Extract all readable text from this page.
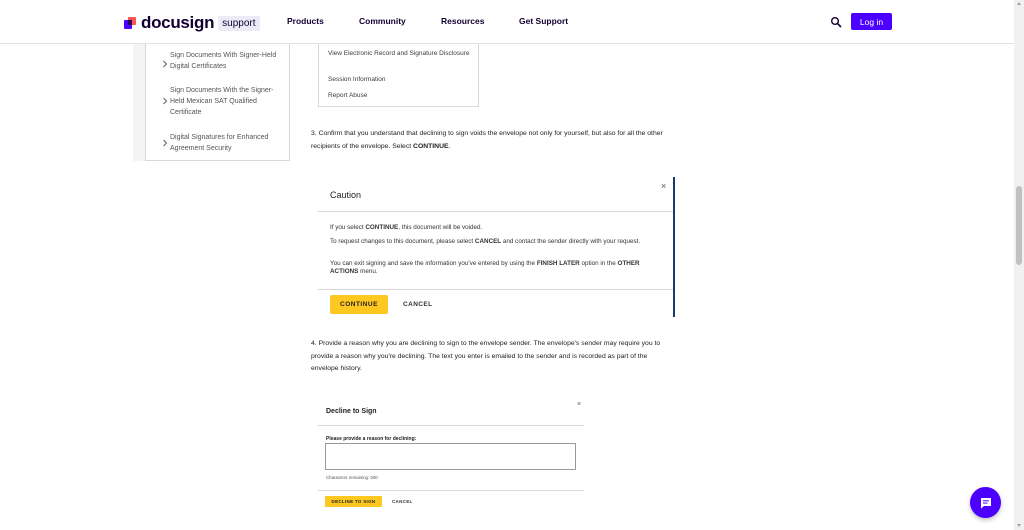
docusign support	Products	Community	Resources	Get Support	Log in
Sign Documents With Signer-Held Digital Certificates
Sign Documents With the Signer-Held Mexican SAT Qualified Certificate
Digital Signatures for Enhanced Agreement Security
View Electronic Record and Signature Disclosure
Session Information
Report Abuse
3. Confirm that you understand that declining to sign voids the envelope not only for yourself, but also for all the other recipients of the envelope. Select CONTINUE.
Caution
×
If you select CONTINUE, this document will be voided.
To request changes to this document, please select CANCEL and contact the sender directly with your request.
You can exit signing and save the information you've entered by using the FINISH LATER option in the OTHER ACTIONS menu.
CONTINUE	CANCEL
4. Provide a reason why you are declining to sign to the envelope sender. The envelope's sender may require you to provide a reason why you're declining. The text you enter is emailed to the sender and is recorded as part of the envelope history.
Decline to Sign
×
Please provide a reason for declining:
Characters remaining: 500
DECLINE TO SIGN	CANCEL
